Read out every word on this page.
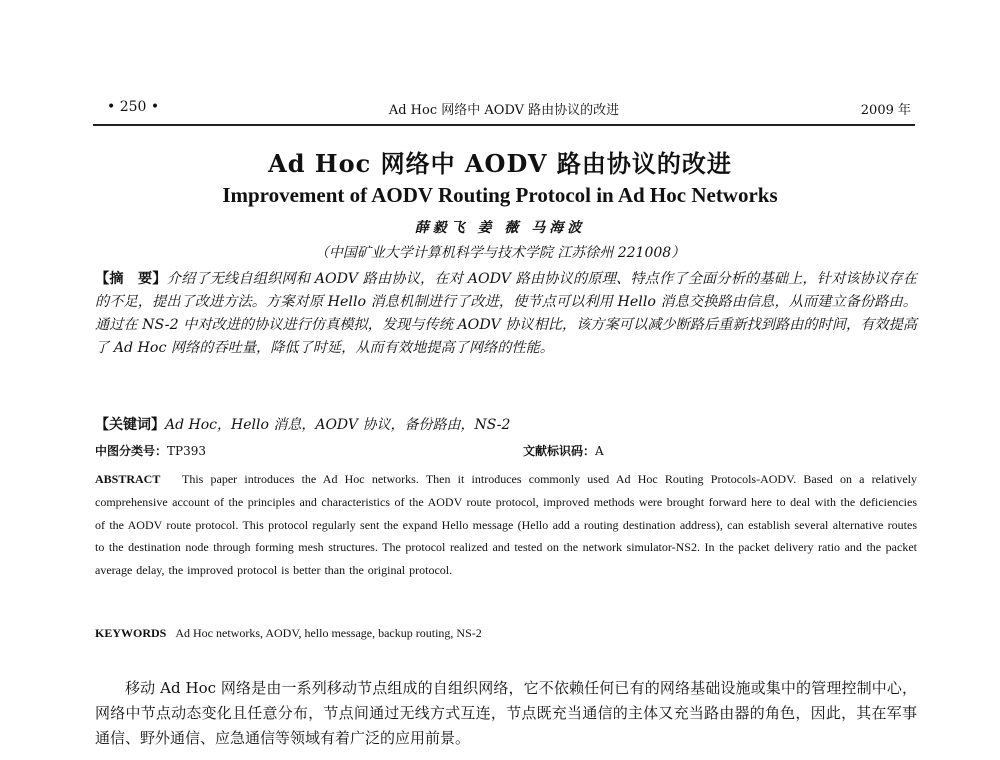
• 250 •	Ad Hoc 网络中 AODV 路由协议的改进	2009 年
Ad Hoc 网络中 AODV 路由协议的改进
Improvement of AODV Routing Protocol in Ad Hoc Networks
薛毅飞 姜 薇 马海波
（中国矿业大学计算机科学与技术学院 江苏徐州 221008）
【摘　要】介绍了无线自组织网和 AODV 路由协议，在对 AODV 路由协议的原理、特点作了全面分析的基础上，针对该协议存在的不足，提出了改进方法。方案对原 Hello 消息机制进行了改进，使节点可以利用 Hello 消息交换路由信息，从而建立备份路由。通过在 NS-2 中对改进的协议进行仿真模拟，发现与传统 AODV 协议相比，该方案可以减少断路后重新找到路由的时间，有效提高了 Ad Hoc 网络的吞吐量，降低了时延，从而有效地提高了网络的性能。
【关键词】Ad Hoc，Hello 消息，AODV 协议，备份路由，NS-2
中图分类号：TP393	文献标识码：A
ABSTRACT This paper introduces the Ad Hoc networks. Then it introduces commonly used Ad Hoc Routing Protocols-AODV. Based on a relatively comprehensive account of the principles and characteristics of the AODV route protocol, improved methods were brought forward here to deal with the deficiencies of the AODV route protocol. This protocol regularly sent the expand Hello message (Hello add a routing destination address), can establish several alternative routes to the destination node through forming mesh structures. The protocol realized and tested on the network simulator-NS2. In the packet delivery ratio and the packet average delay, the improved protocol is better than the original protocol.
KEYWORDS Ad Hoc networks, AODV, hello message, backup routing, NS-2
移动 Ad Hoc 网络是由一系列移动节点组成的自组织网络，它不依赖任何已有的网络基础设施或集中的管理控制中心，网络中节点动态变化且任意分布，节点间通过无线方式互连，节点既充当通信的主体又充当路由器的角色，因此，其在军事通信、野外通信、应急通信等领域有着广泛的应用前景。
